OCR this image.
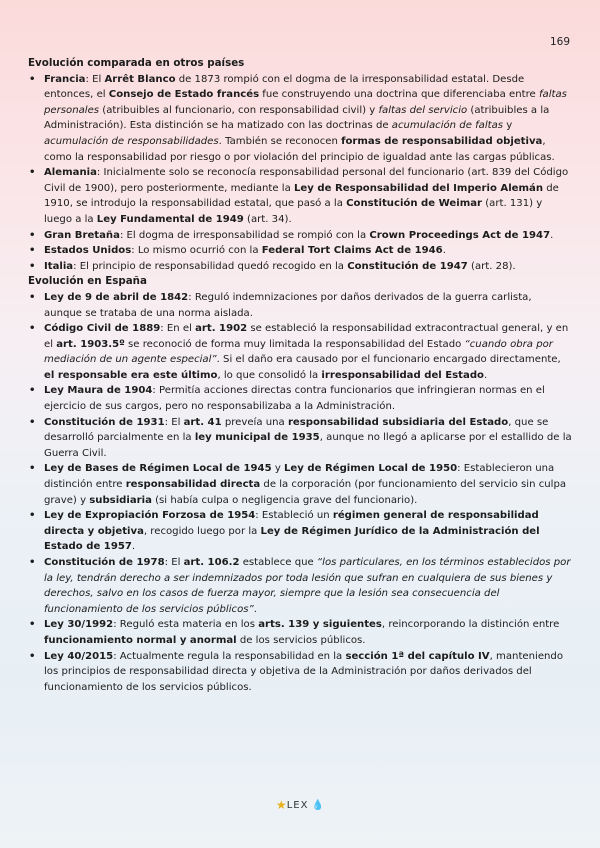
169
Evolución comparada en otros países
• Francia: El Arrêt Blanco de 1873 rompió con el dogma de la irresponsabilidad estatal. Desde entonces, el Consejo de Estado francés fue construyendo una doctrina que diferenciaba entre faltas personales (atribuibles al funcionario, con responsabilidad civil) y faltas del servicio (atribuibles a la Administración). Esta distinción se ha matizado con las doctrinas de acumulación de faltas y acumulación de responsabilidades. También se reconocen formas de responsabilidad objetiva, como la responsabilidad por riesgo o por violación del principio de igualdad ante las cargas públicas.
• Alemania: Inicialmente solo se reconocía responsabilidad personal del funcionario (art. 839 del Código Civil de 1900), pero posteriormente, mediante la Ley de Responsabilidad del Imperio Alemán de 1910, se introdujo la responsabilidad estatal, que pasó a la Constitución de Weimar (art. 131) y luego a la Ley Fundamental de 1949 (art. 34).
• Gran Bretaña: El dogma de irresponsabilidad se rompió con la Crown Proceedings Act de 1947.
• Estados Unidos: Lo mismo ocurrió con la Federal Tort Claims Act de 1946.
• Italia: El principio de responsabilidad quedó recogido en la Constitución de 1947 (art. 28).
Evolución en España
• Ley de 9 de abril de 1842: Reguló indemnizaciones por daños derivados de la guerra carlista, aunque se trataba de una norma aislada.
• Código Civil de 1889: En el art. 1902 se estableció la responsabilidad extracontractual general, y en el art. 1903.5º se reconoció de forma muy limitada la responsabilidad del Estado “cuando obra por mediación de un agente especial”. Si el daño era causado por el funcionario encargado directamente, el responsable era este último, lo que consolidó la irresponsabilidad del Estado.
• Ley Maura de 1904: Permitía acciones directas contra funcionarios que infringieran normas en el ejercicio de sus cargos, pero no responsabilizaba a la Administración.
• Constitución de 1931: El art. 41 preveía una responsabilidad subsidiaria del Estado, que se desarrolló parcialmente en la ley municipal de 1935, aunque no llegó a aplicarse por el estallido de la Guerra Civil.
• Ley de Bases de Régimen Local de 1945 y Ley de Régimen Local de 1950: Establecieron una distinción entre responsabilidad directa de la corporación (por funcionamiento del servicio sin culpa grave) y subsidiaria (si había culpa o negligencia grave del funcionario).
• Ley de Expropiación Forzosa de 1954: Estableció un régimen general de responsabilidad directa y objetiva, recogido luego por la Ley de Régimen Jurídico de la Administración del Estado de 1957.
• Constitución de 1978: El art. 106.2 establece que “los particulares, en los términos establecidos por la ley, tendrán derecho a ser indemnizados por toda lesión que sufran en cualquiera de sus bienes y derechos, salvo en los casos de fuerza mayor, siempre que la lesión sea consecuencia del funcionamiento de los servicios públicos”.
• Ley 30/1992: Reguló esta materia en los arts. 139 y siguientes, reincorporando la distinción entre funcionamiento normal y anormal de los servicios públicos.
• Ley 40/2015: Actualmente regula la responsabilidad en la sección 1ª del capítulo IV, manteniendo los principios de responsabilidad directa y objetiva de la Administración por daños derivados del funcionamiento de los servicios públicos.
★LEX 💧
